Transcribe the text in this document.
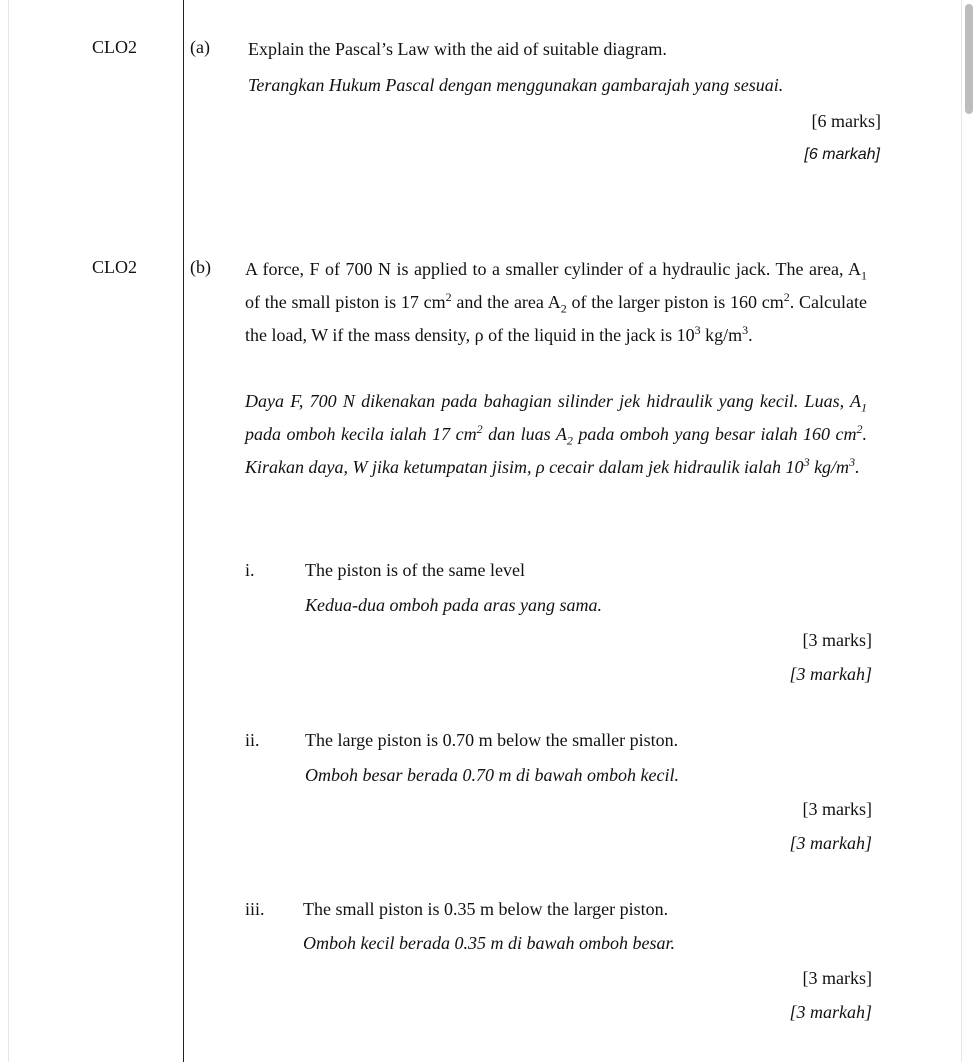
CLO2	(a) Explain the Pascal’s Law with the aid of suitable diagram.
Terangkan Hukum Pascal dengan menggunakan gambarajah yang sesuai.
[6 marks]
[6 markah]
CLO2	(b) A force, F of 700 N is applied to a smaller cylinder of a hydraulic jack. The area, $A_1$ of the small piston is 17 $cm^2$ and the area $A_2$ of the larger piston is 160 $cm^2$. Calculate the load, W if the mass density, ρ of the liquid in the jack is $10^3$ $kg/m^3$.
Daya F, 700 N dikenakan pada bahagian silinder jek hidraulik yang kecil. Luas, $A_1$ pada omboh kecila ialah 17 $cm^2$ dan luas $A_2$ pada omboh yang besar ialah 160 $cm^2$. Kirakan daya, W jika ketumpatan jisim, ρ cecair dalam jek hidraulik ialah $10^3$ $kg/m^3$.
i.	The piston is of the same level
Kedua-dua omboh pada aras yang sama.
[3 marks]
[3 markah]
ii.	The large piston is 0.70 m below the smaller piston.
Omboh besar berada 0.70 m di bawah omboh kecil.
[3 marks]
[3 markah]
iii. The small piston is 0.35 m below the larger piston.
Omboh kecil berada 0.35 m di bawah omboh besar.
[3 marks]
[3 markah]
